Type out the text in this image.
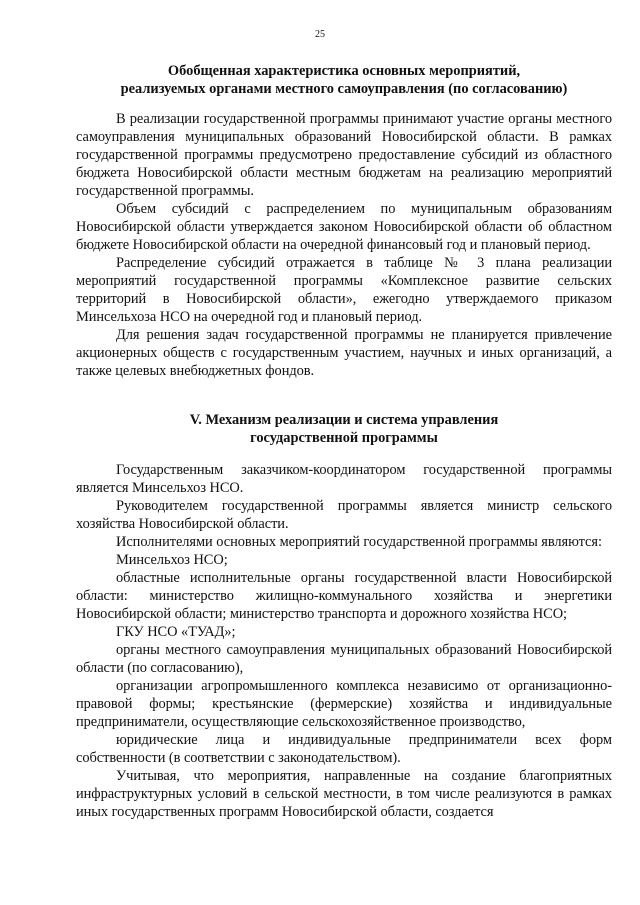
25
Обобщенная характеристика основных мероприятий,
реализуемых органами местного самоуправления (по согласованию)

В реализации государственной программы принимают участие органы местного самоуправления муниципальных образований Новосибирской области. В рамках государственной программы предусмотрено предоставление субсидий из областного бюджета Новосибирской области местным бюджетам на реализацию мероприятий государственной программы.

Объем субсидий с распределением по муниципальным образованиям Новосибирской области утверждается законом Новосибирской области об областном бюджете Новосибирской области на очередной финансовый год и плановый период.

Распределение субсидий отражается в таблице № 3 плана реализации мероприятий государственной программы «Комплексное развитие сельских территорий в Новосибирской области», ежегодно утверждаемого приказом Минсельхоза НСО на очередной год и плановый период.

Для решения задач государственной программы не планируется привлечение акционерных обществ с государственным участием, научных и иных организаций, а также целевых внебюджетных фондов.

V. Механизм реализации и система управления
государственной программы

Государственным заказчиком-координатором государственной программы является Минсельхоз НСО.

Руководителем государственной программы является министр сельского хозяйства Новосибирской области.

Исполнителями основных мероприятий государственной программы являются:

Минсельхоз НСО;

областные исполнительные органы государственной власти Новосибирской области: министерство жилищно-коммунального хозяйства и энергетики Новосибирской области; министерство транспорта и дорожного хозяйства НСО;

ГКУ НСО «ТУАД»;

органы местного самоуправления муниципальных образований Новосибирской области (по согласованию),

организации агропромышленного комплекса независимо от организационно-правовой формы; крестьянские (фермерские) хозяйства и индивидуальные предприниматели, осуществляющие сельскохозяйственное производство,

юридические лица и индивидуальные предприниматели всех форм собственности (в соответствии с законодательством).

Учитывая, что мероприятия, направленные на создание благоприятных инфраструктурных условий в сельской местности, в том числе реализуются в рамках иных государственных программ Новосибирской области, создается
